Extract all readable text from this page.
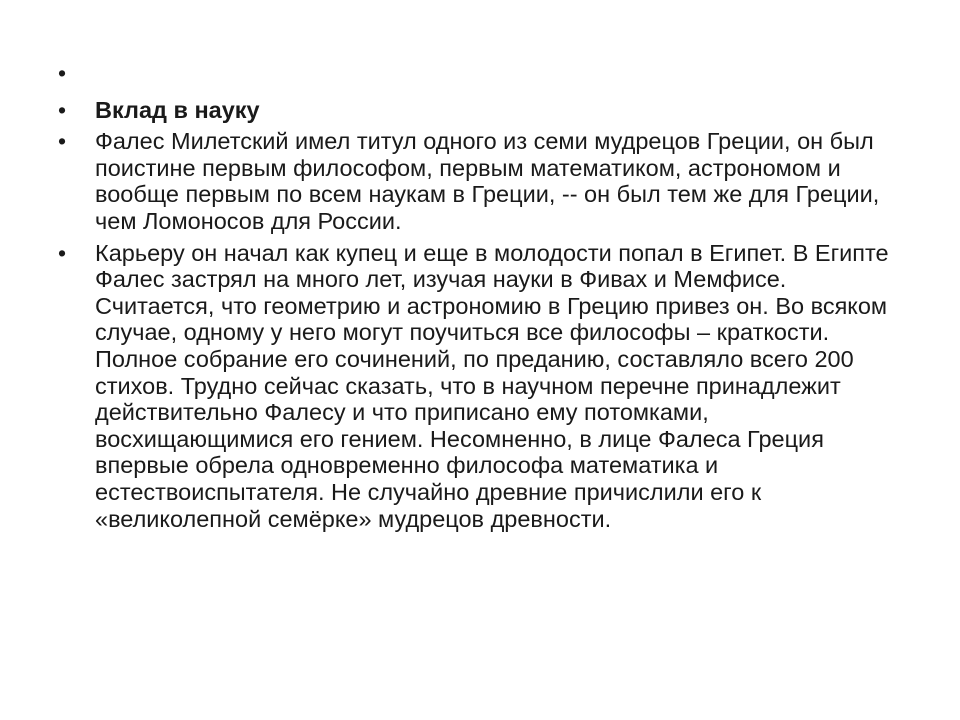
•
•	Вклад в науку
•	Фалес Милетский имел титул одного из семи мудрецов Греции, он был поистине первым философом, первым математиком, астрономом и вообще первым по всем наукам в Греции, -- он был тем же для Греции, чем Ломоносов для России.
•	Карьеру он начал как купец и еще в молодости попал в Египет. В Египте Фалес застрял на много лет, изучая науки в Фивах и Мемфисе. Считается, что геометрию и астрономию в Грецию привез он. Во всяком случае, одному у него могут поучиться все философы – краткости. Полное собрание его сочинений, по преданию, составляло всего 200 стихов. Трудно сейчас сказать, что в научном перечне принадлежит действительно Фалесу и что приписано ему потомками, восхищающимися его гением. Несомненно, в лице Фалеса Греция впервые обрела одновременно философа математика и естествоиспытателя. Не случайно древние причислили его к «великолепной семёрке» мудрецов древности.
